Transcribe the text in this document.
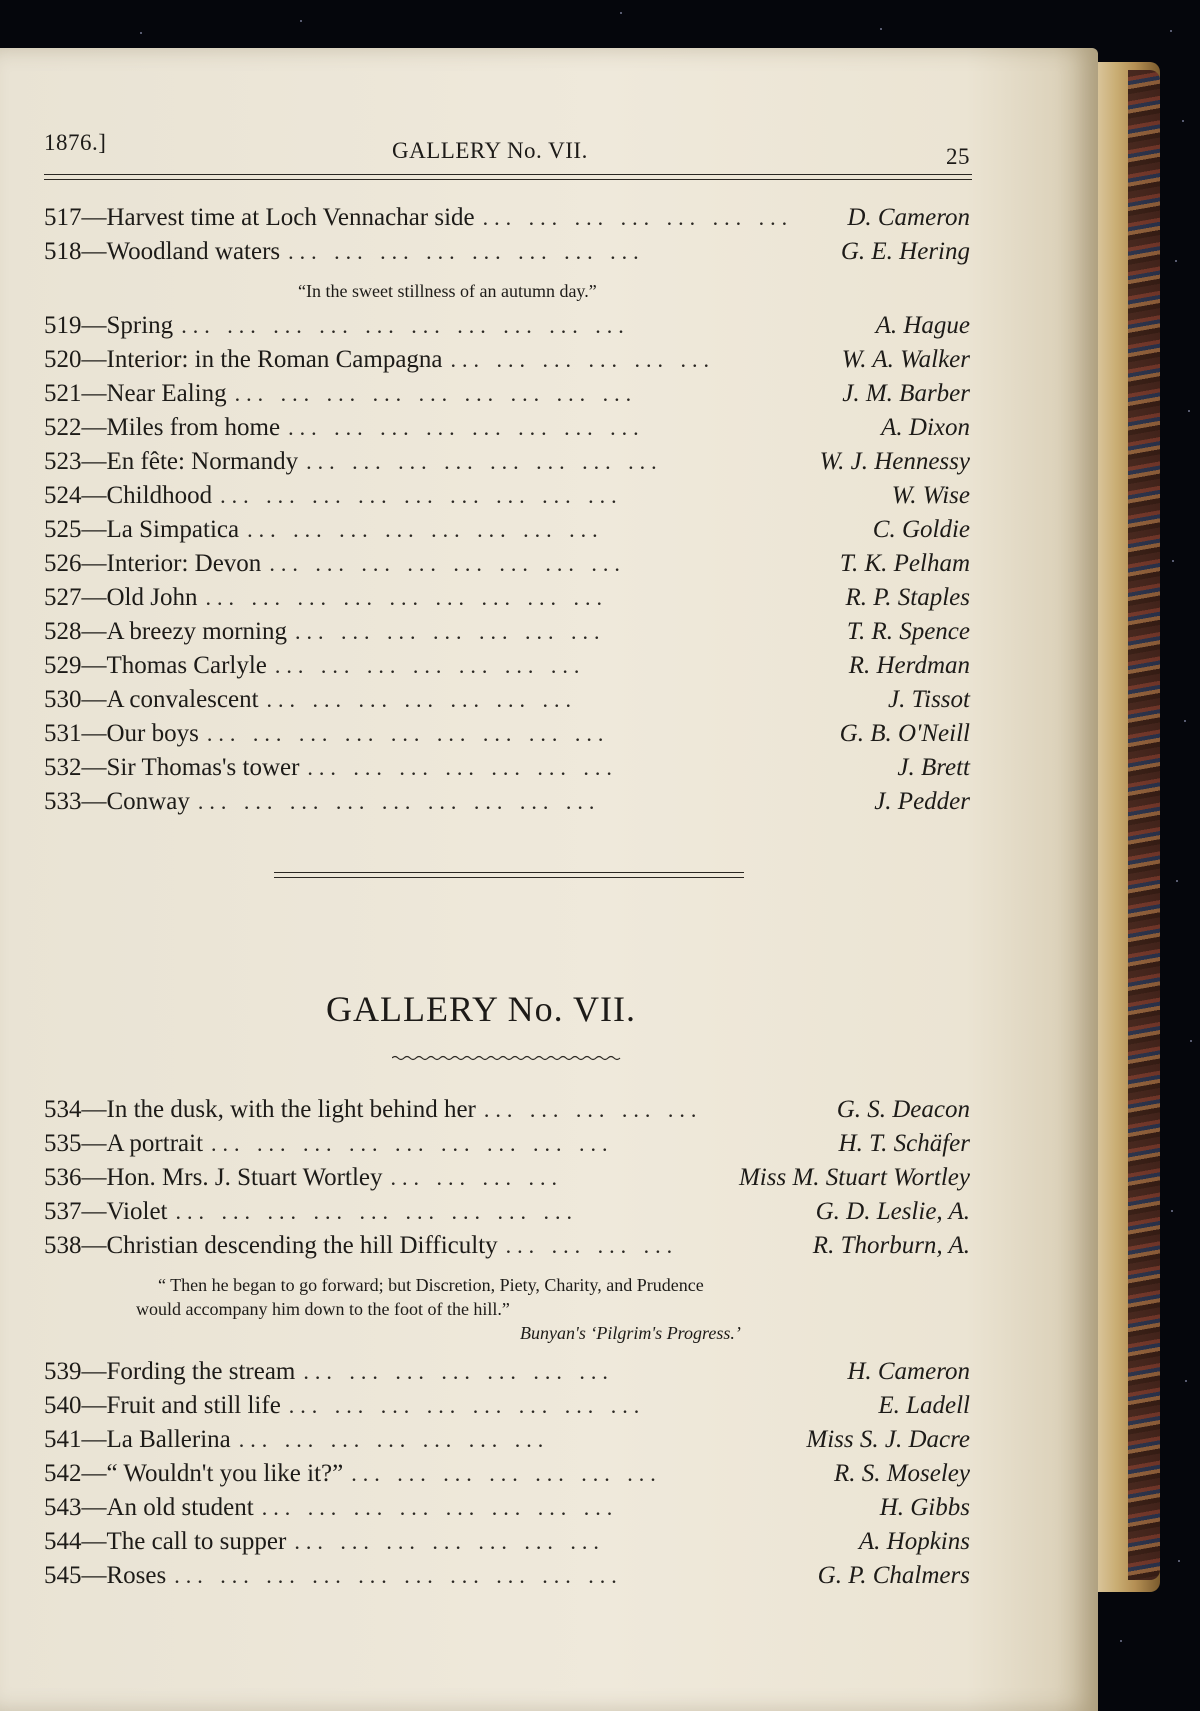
1876.]	GALLERY No. VII.	25
517 — Harvest time at Loch Vennachar side ... ... ... ... ... ... ...	D. Cameron
518 — Woodland waters ... ... ... ... ... ... ... ...	G. E. Hering
“In the sweet stillness of an autumn day.”
519 — Spring ... ... ... ... ... ... ... ... ... ...	A. Hague
520 — Interior: in the Roman Campagna ... ... ... ... ... ...	W. A. Walker
521 — Near Ealing ... ... ... ... ... ... ... ... ...	J. M. Barber
522 — Miles from home ... ... ... ... ... ... ... ...	A. Dixon
523 — En fête: Normandy ... ... ... ... ... ... ... ...	W. J. Hennessy
524 — Childhood ... ... ... ... ... ... ... ... ...	W. Wise
525 — La Simpatica ... ... ... ... ... ... ... ...	C. Goldie
526 — Interior: Devon ... ... ... ... ... ... ... ...	T. K. Pelham
527 — Old John ... ... ... ... ... ... ... ... ...	R. P. Staples
528 — A breezy morning ... ... ... ... ... ... ...	T. R. Spence
529 — Thomas Carlyle ... ... ... ... ... ... ...	R. Herdman
530 — A convalescent ... ... ... ... ... ... ...	J. Tissot
531 — Our boys ... ... ... ... ... ... ... ... ...	G. B. O'Neill
532 — Sir Thomas's tower ... ... ... ... ... ... ...	J. Brett
533 — Conway ... ... ... ... ... ... ... ... ...	J. Pedder
GALLERY No. VII.
534 — In the dusk, with the light behind her ... ... ... ... ...	G. S. Deacon
535 — A portrait ... ... ... ... ... ... ... ... ...	H. T. Schäfer
536 — Hon. Mrs. J. Stuart Wortley ... ... ... ...	Miss M. Stuart Wortley
537 — Violet ... ... ... ... ... ... ... ... ...	G. D. Leslie, A.
538 — Christian descending the hill Difficulty ... ... ... ...	R. Thorburn, A.
“ Then he began to go forward; but Discretion, Piety, Charity, and Prudence
would accompany him down to the foot of the hill.”
Bunyan's ‘Pilgrim's Progress.’
539 — Fording the stream ... ... ... ... ... ... ...	H. Cameron
540 — Fruit and still life ... ... ... ... ... ... ... ...	E. Ladell
541 — La Ballerina ... ... ... ... ... ... ...	Miss S. J. Dacre
542 — “ Wouldn't you like it?” ... ... ... ... ... ... ...	R. S. Moseley
543 — An old student ... ... ... ... ... ... ... ...	H. Gibbs
544 — The call to supper ... ... ... ... ... ... ...	A. Hopkins
545 — Roses ... ... ... ... ... ... ... ... ... ...	G. P. Chalmers
